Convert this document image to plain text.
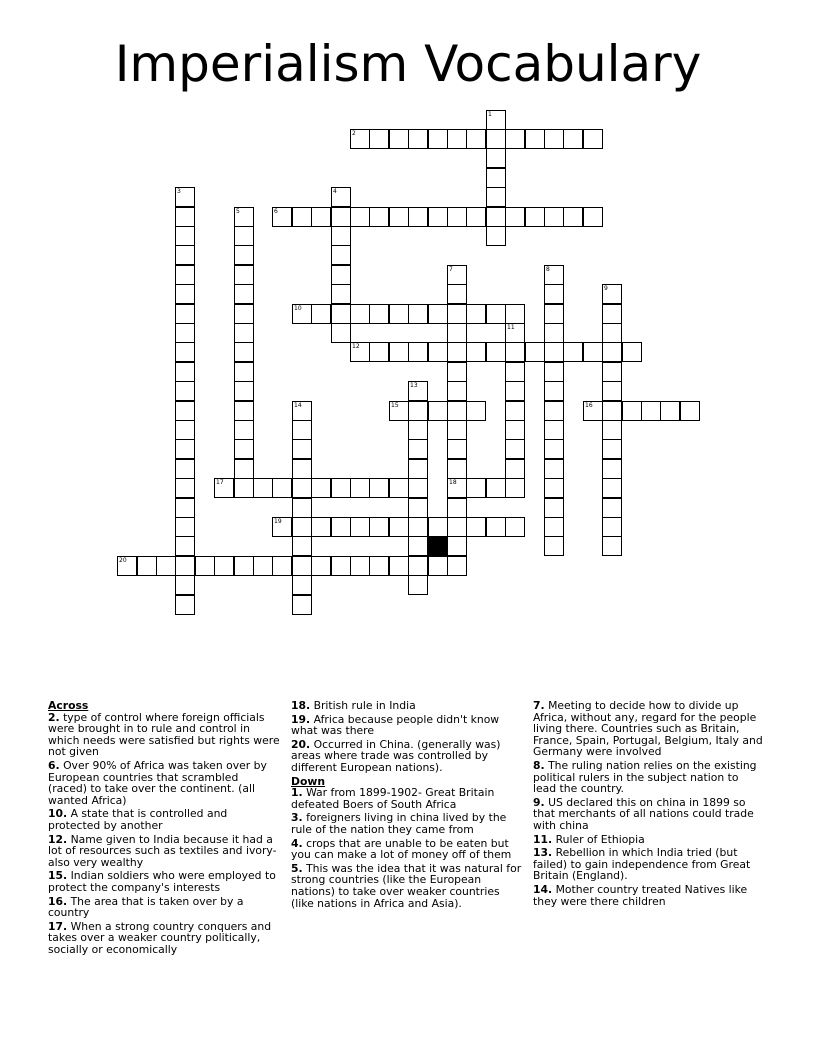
Imperialism Vocabulary
1
2
3	4
5	6
7
18
8
9
10
11
12
13
14	15	16
17
19
20

Across

2. type of control where foreign officials were brought in to rule and control in which needs were satisfied but rights were not given

6. Over 90% of Africa was taken over by European countries that scrambled (raced) to take over the continent. (all wanted Africa)

10. A state that is controlled and protected by another

12. Name given to India because it had a lot of resources such as textiles and ivory- also very wealthy

15. Indian soldiers who were employed to protect the company's interests

16. The area that is taken over by a country

17. When a strong country conquers and takes over a weaker country politically, socially or economically

18. British rule in India

19. Africa because people didn't know what was there

20. Occurred in China. (generally was) areas where trade was controlled by different European nations).

Down

1. War from 1899-1902- Great Britain defeated Boers of South Africa

3. foreigners living in china lived by the rule of the nation they came from

4. crops that are unable to be eaten but you can make a lot of money off of them

5. This was the idea that it was natural for strong countries (like the European nations) to take over weaker countries (like nations in Africa and Asia).

7. Meeting to decide how to divide up Africa, without any, regard for the people living there. Countries such as Britain, France, Spain, Portugal, Belgium, Italy and Germany were involved

8. The ruling nation relies on the existing political rulers in the subject nation to lead the country.

9. US declared this on china in 1899 so that merchants of all nations could trade with china

11. Ruler of Ethiopia

13. Rebellion in which India tried (but failed) to gain independence from Great Britain (England).

14. Mother country treated Natives like they were there children
